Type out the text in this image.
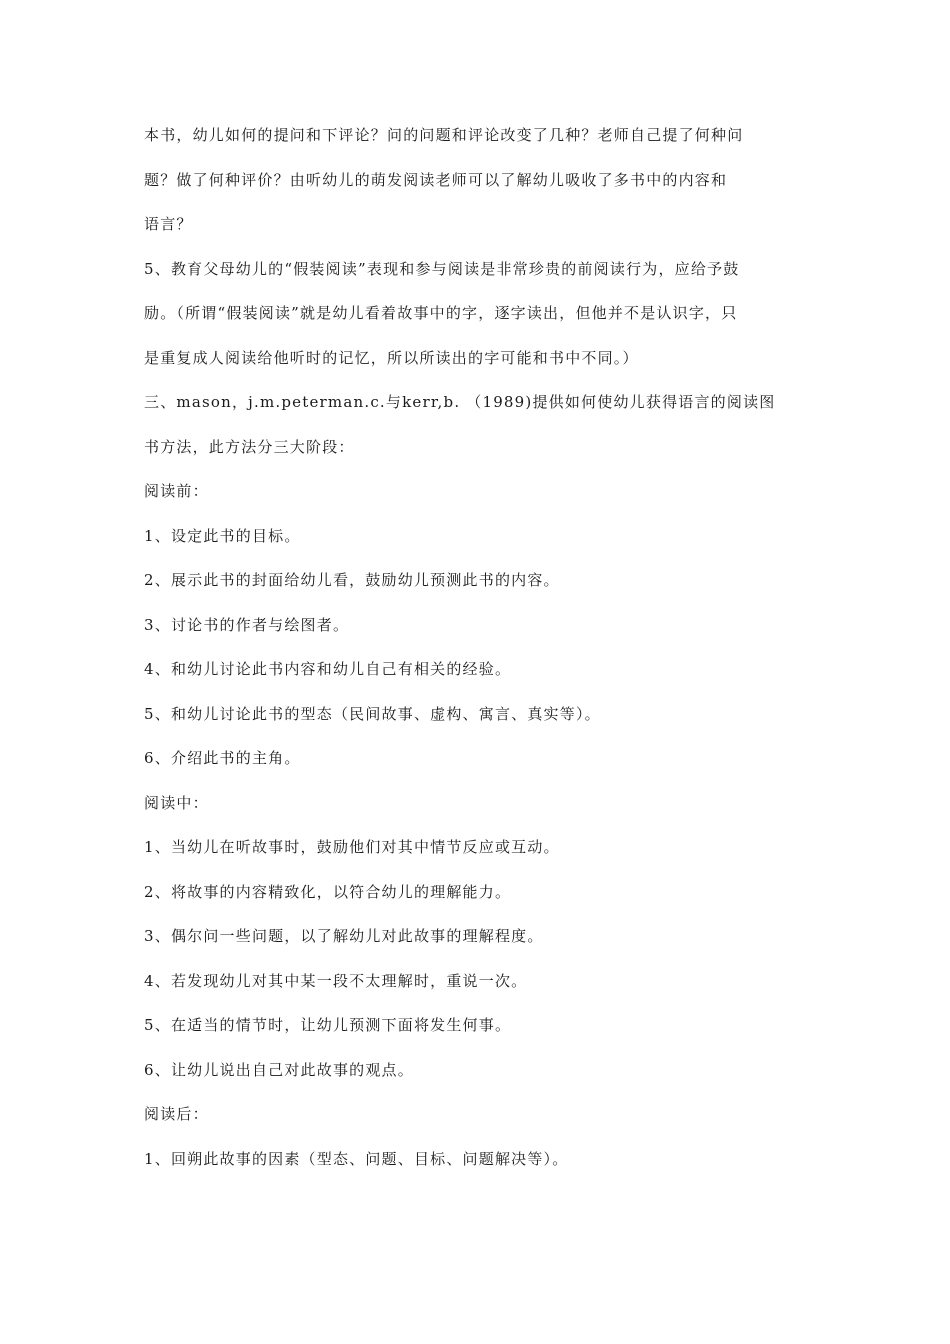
本书，幼儿如何的提问和下评论？问的问题和评论改变了几种？老师自己提了何种问
题？做了何种评价？由听幼儿的萌发阅读老师可以了解幼儿吸收了多书中的内容和
语言？
5、教育父母幼儿的“假装阅读”表现和参与阅读是非常珍贵的前阅读行为，应给予鼓
励。（所谓“假装阅读”就是幼儿看着故事中的字，逐字读出，但他并不是认识字，只
是重复成人阅读给他听时的记忆，所以所读出的字可能和书中不同。）
三、mason，j.m.peterman.c.与kerr,b. （1989)提供如何使幼儿获得语言的阅读图
书方法，此方法分三大阶段：
阅读前：
1、设定此书的目标。
2、展示此书的封面给幼儿看，鼓励幼儿预测此书的内容。
3、讨论书的作者与绘图者。
4、和幼儿讨论此书内容和幼儿自己有相关的经验。
5、和幼儿讨论此书的型态（民间故事、虚构、寓言、真实等）。
6、介绍此书的主角。
阅读中：
1、当幼儿在听故事时，鼓励他们对其中情节反应或互动。
2、将故事的内容精致化，以符合幼儿的理解能力。
3、偶尔问一些问题，以了解幼儿对此故事的理解程度。
4、若发现幼儿对其中某一段不太理解时，重说一次。
5、在适当的情节时，让幼儿预测下面将发生何事。
6、让幼儿说出自己对此故事的观点。
阅读后：
1、回朔此故事的因素（型态、问题、目标、问题解决等）。
